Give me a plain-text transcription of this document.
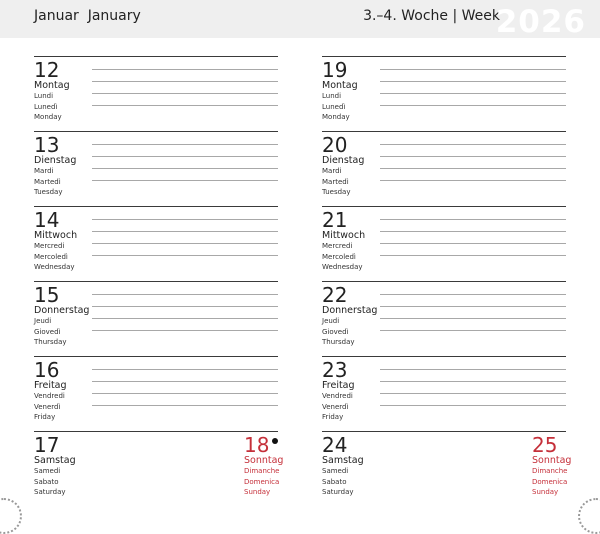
Januar  January	3.–4. Woche | Week
2026
12
Montag
Lundi
Lunedì
Monday
13
Dienstag
Mardi
Martedì
Tuesday
14
Mittwoch
Mercredi
Mercoledì
Wednesday
15
Donnerstag
Jeudi
Giovedì
Thursday
16
Freitag
Vendredi
Venerdì
Friday
17
Samstag
Samedi
Sabato
Saturday
18
Sonntag
Dimanche
Domenica
Sunday
19
Montag
Lundi
Lunedì
Monday
20
Dienstag
Mardi
Martedì
Tuesday
21
Mittwoch
Mercredi
Mercoledì
Wednesday
22
Donnerstag
Jeudi
Giovedì
Thursday
23
Freitag
Vendredi
Venerdì
Friday
24
Samstag
Samedi
Sabato
Saturday
25
Sonntag
Dimanche
Domenica
Sunday
